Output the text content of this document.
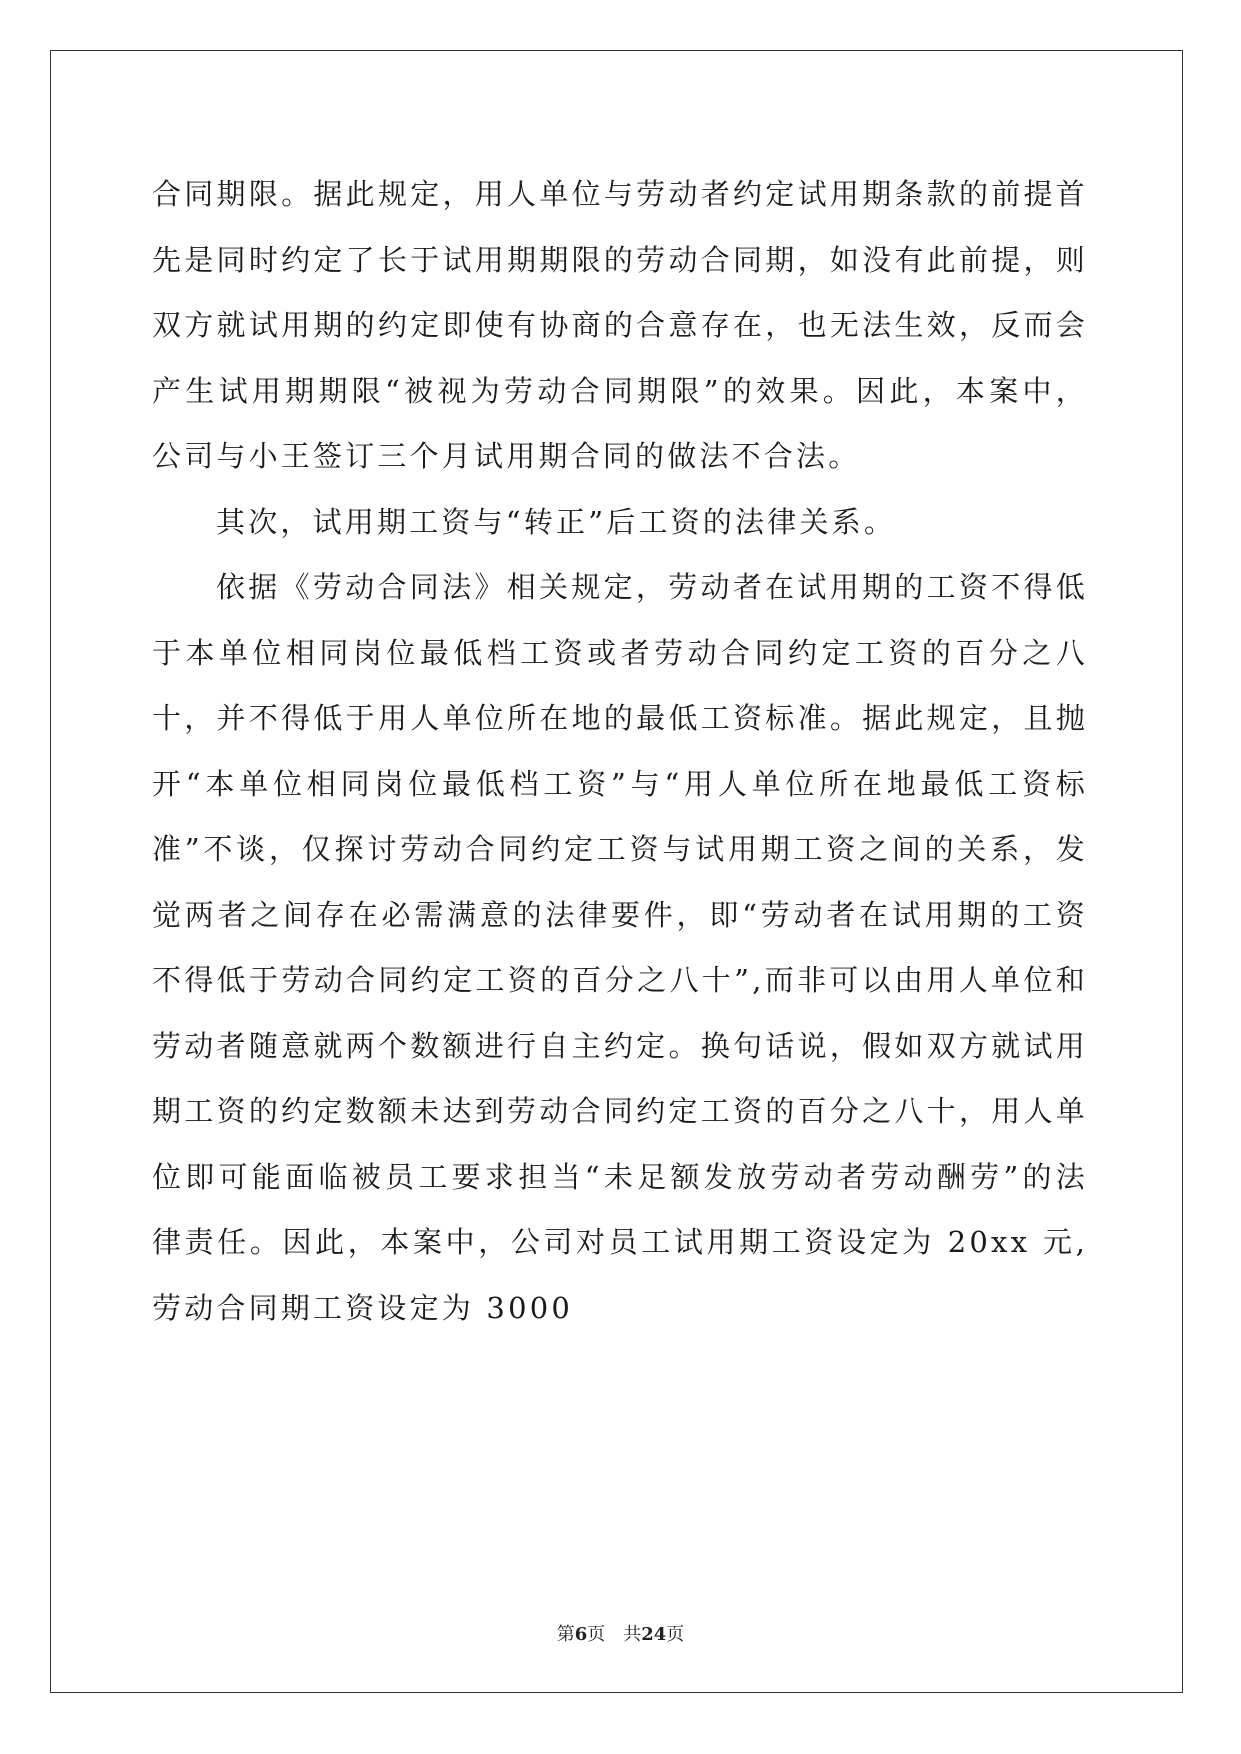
合同期限。据此规定，用人单位与劳动者约定试用期条款的前提首先是同时约定了长于试用期期限的劳动合同期，如没有此前提，则双方就试用期的约定即使有协商的合意存在，也无法生效，反而会产生试用期期限“被视为劳动合同期限”的效果。因此，本案中，公司与小王签订三个月试用期合同的做法不合法。

其次，试用期工资与“转正”后工资的法律关系。

依据《劳动合同法》相关规定，劳动者在试用期的工资不得低于本单位相同岗位最低档工资或者劳动合同约定工资的百分之八十，并不得低于用人单位所在地的最低工资标准。据此规定，且抛开“本单位相同岗位最低档工资”与“用人单位所在地最低工资标准”不谈，仅探讨劳动合同约定工资与试用期工资之间的关系，发觉两者之间存在必需满意的法律要件，即“劳动者在试用期的工资不得低于劳动合同约定工资的百分之八十”,而非可以由用人单位和劳动者随意就两个数额进行自主约定。换句话说，假如双方就试用期工资的约定数额未达到劳动合同约定工资的百分之八十，用人单位即可能面临被员工要求担当“未足额发放劳动者劳动酬劳”的法律责任。因此，本案中，公司对员工试用期工资设定为 20xx 元,劳动合同期工资设定为 3000

第6页 共24页
